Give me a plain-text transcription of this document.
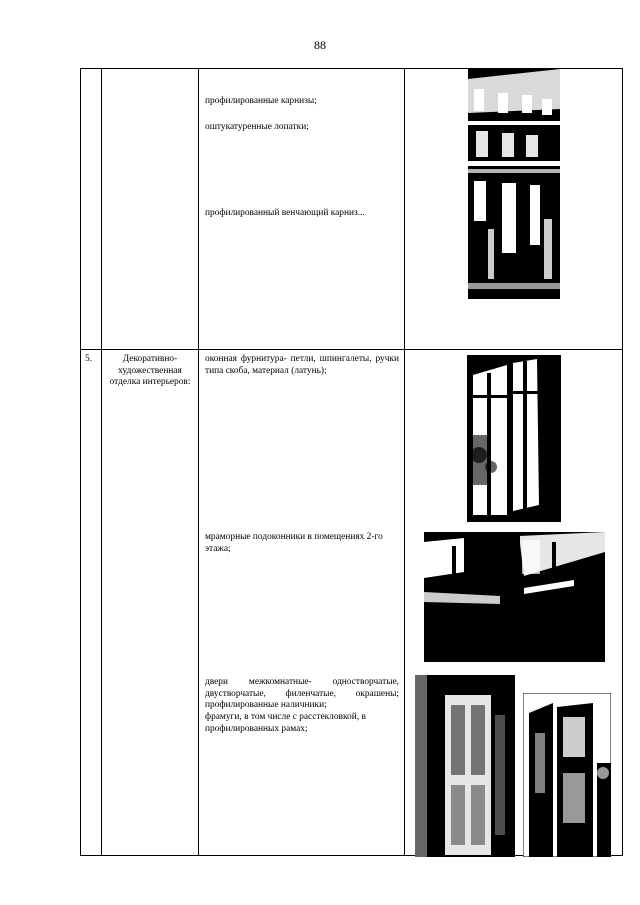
88
профилированные карнизы;
оштукатуренные лопатки;
профилированный венчающий карниз...
5.	Декоративно-художественная отделка интерьеров:
оконная фурнитура- петли, шпингалеты, ручки типа скоба, материал (латунь);
мраморные подоконники в помещениях 2-го этажа;
двери межкомнатные- одностворчатые, двустворчатые, филенчатые, окрашены; профилированные наличники;
фрамуги, в том числе с расстекловкой, в профилированных рамах;
